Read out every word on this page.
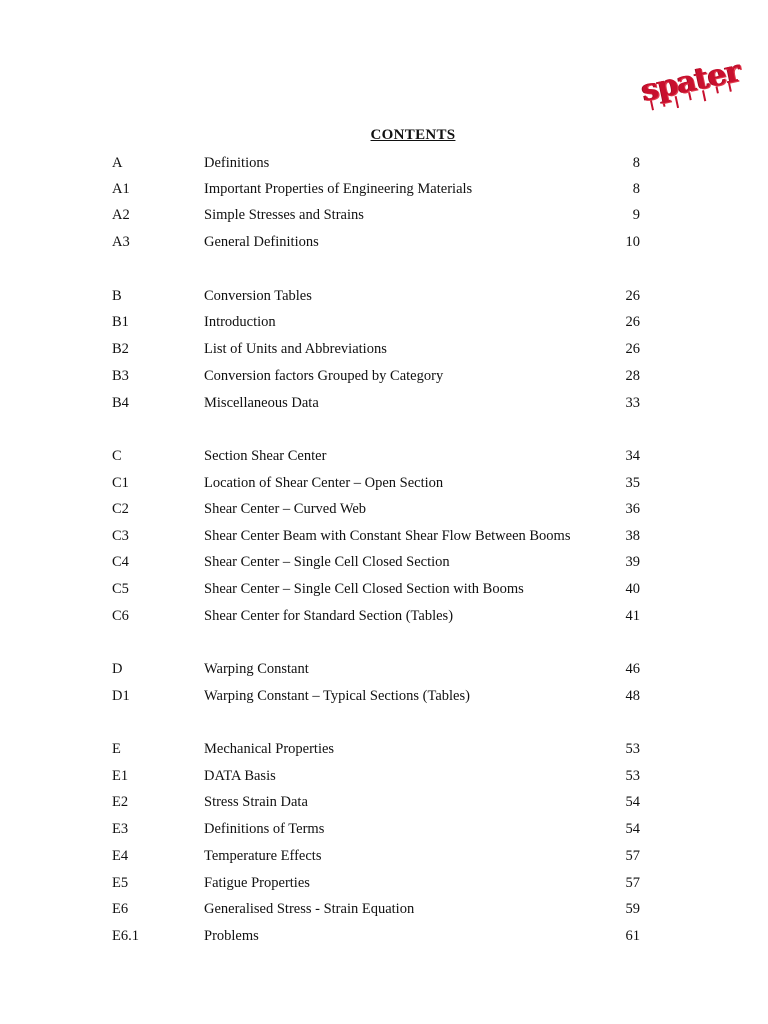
spater
CONTENTS
A	Definitions	8
A1	Important Properties of Engineering Materials	8
A2	Simple Stresses and Strains	9
A3	General Definitions	10
B	Conversion Tables	26
B1	Introduction	26
B2	List of Units and Abbreviations	26
B3	Conversion factors Grouped by Category	28
B4	Miscellaneous Data	33
C	Section Shear Center	34
C1	Location of Shear Center – Open Section	35
C2	Shear Center – Curved Web	36
C3	Shear Center Beam with Constant Shear Flow Between Booms	38
C4	Shear Center – Single Cell Closed Section	39
C5	Shear Center – Single Cell Closed Section with Booms	40
C6	Shear Center for Standard Section (Tables)	41
D	Warping Constant	46
D1	Warping Constant – Typical Sections (Tables)	48
E	Mechanical Properties	53
E1	DATA Basis	53
E2	Stress Strain Data	54
E3	Definitions of Terms	54
E4	Temperature Effects	57
E5	Fatigue Properties	57
E6	Generalised Stress - Strain Equation	59
E6.1	Problems	61
